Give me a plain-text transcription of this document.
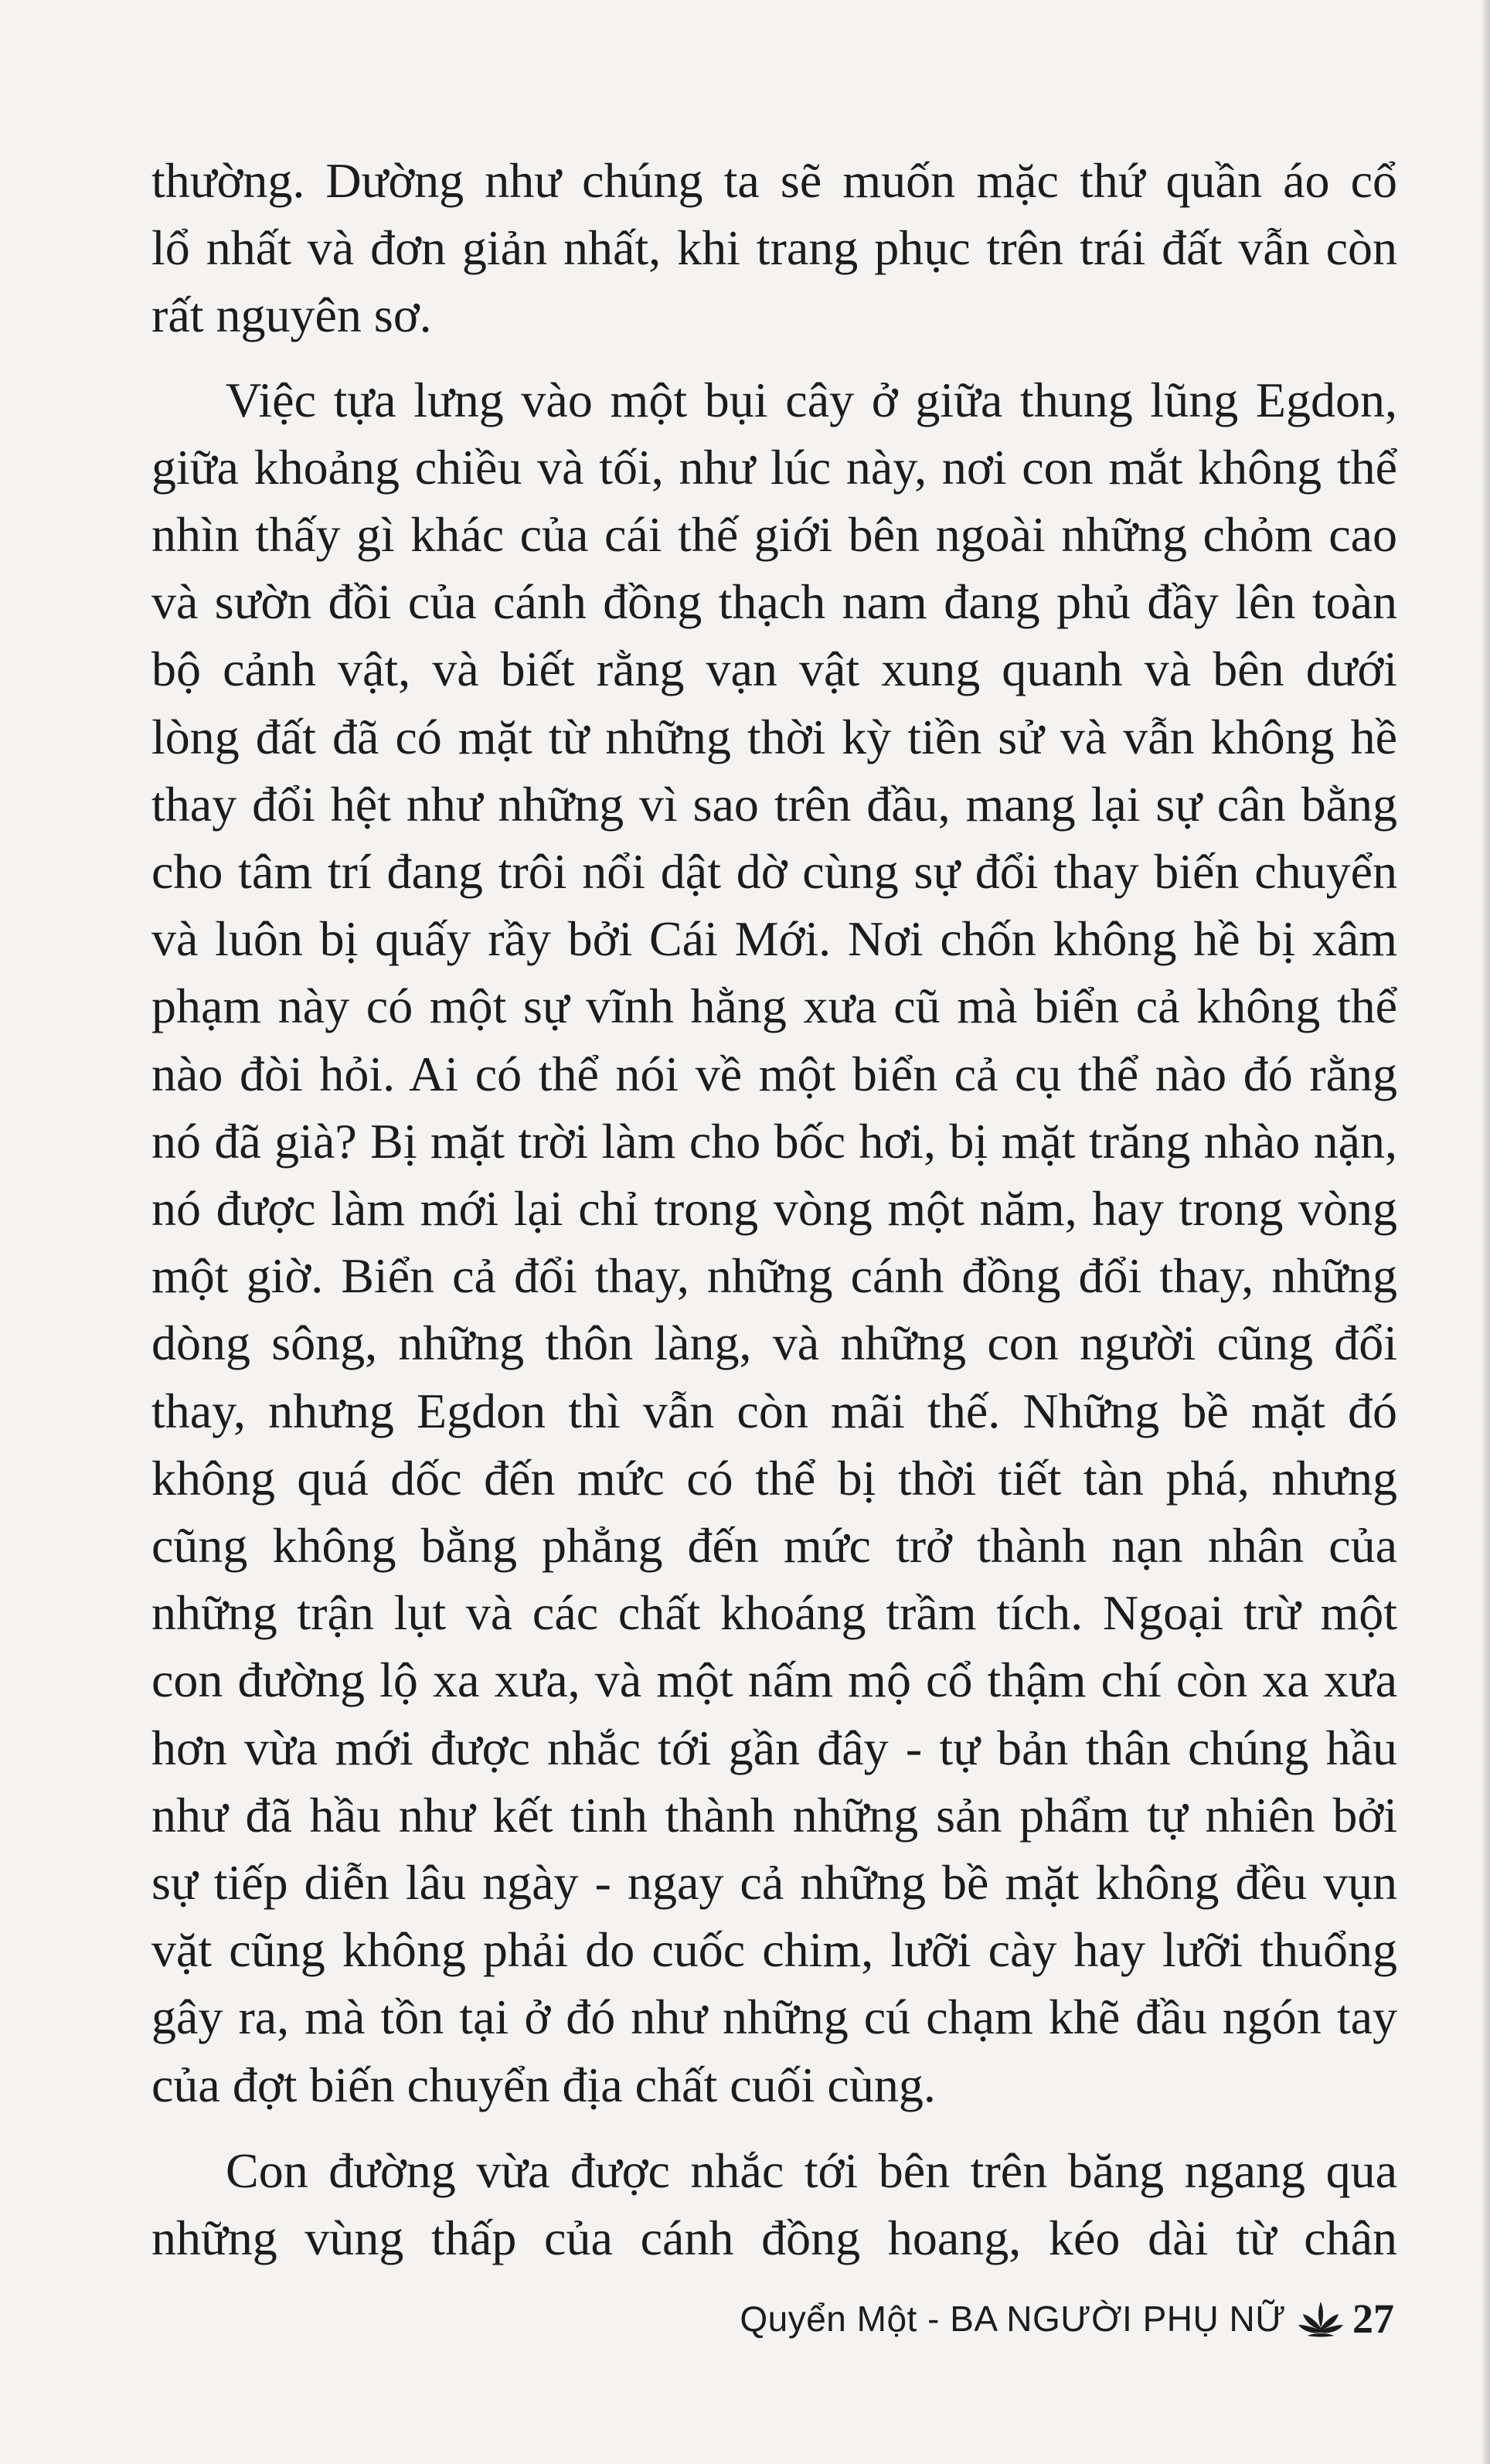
thường. Dường như chúng ta sẽ muốn mặc thứ quần áo cổ
lổ nhất và đơn giản nhất, khi trang phục trên trái đất vẫn còn
rất nguyên sơ.

Việc tựa lưng vào một bụi cây ở giữa thung lũng Egdon,
giữa khoảng chiều và tối, như lúc này, nơi con mắt không thể
nhìn thấy gì khác của cái thế giới bên ngoài những chỏm cao
và sườn đồi của cánh đồng thạch nam đang phủ đầy lên toàn
bộ cảnh vật, và biết rằng vạn vật xung quanh và bên dưới
lòng đất đã có mặt từ những thời kỳ tiền sử và vẫn không hề
thay đổi hệt như những vì sao trên đầu, mang lại sự cân bằng
cho tâm trí đang trôi nổi dật dờ cùng sự đổi thay biến chuyển
và luôn bị quấy rầy bởi Cái Mới. Nơi chốn không hề bị xâm
phạm này có một sự vĩnh hằng xưa cũ mà biển cả không thể
nào đòi hỏi. Ai có thể nói về một biển cả cụ thể nào đó rằng
nó đã già? Bị mặt trời làm cho bốc hơi, bị mặt trăng nhào nặn,
nó được làm mới lại chỉ trong vòng một năm, hay trong vòng
một giờ. Biển cả đổi thay, những cánh đồng đổi thay, những
dòng sông, những thôn làng, và những con người cũng đổi
thay, nhưng Egdon thì vẫn còn mãi thế. Những bề mặt đó
không quá dốc đến mức có thể bị thời tiết tàn phá, nhưng
cũng không bằng phẳng đến mức trở thành nạn nhân của
những trận lụt và các chất khoáng trầm tích. Ngoại trừ một
con đường lộ xa xưa, và một nấm mộ cổ thậm chí còn xa xưa
hơn vừa mới được nhắc tới gần đây - tự bản thân chúng hầu
như đã hầu như kết tinh thành những sản phẩm tự nhiên bởi
sự tiếp diễn lâu ngày - ngay cả những bề mặt không đều vụn
vặt cũng không phải do cuốc chim, lưỡi cày hay lưỡi thuổng
gây ra, mà tồn tại ở đó như những cú chạm khẽ đầu ngón tay
của đợt biến chuyển địa chất cuối cùng.

Con đường vừa được nhắc tới bên trên băng ngang qua
những vùng thấp của cánh đồng hoang, kéo dài từ chân

Quyển Một - BA NGƯỜI PHỤ NỮ 27
